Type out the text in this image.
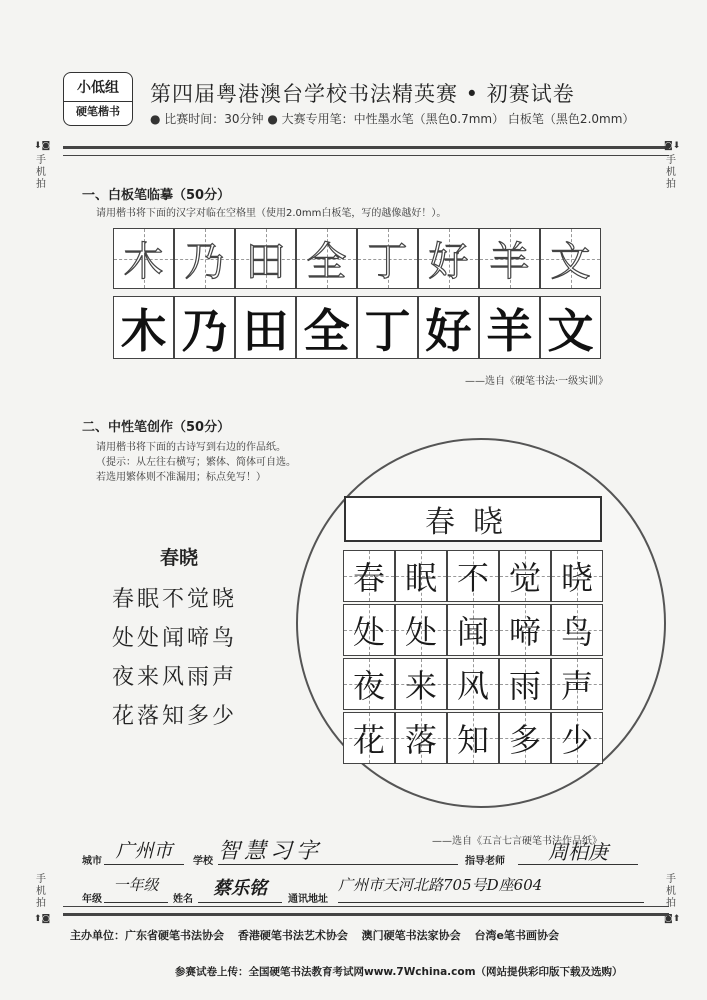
小低组
硬笔楷书
第四届粤港澳台学校书法精英赛 • 初赛试卷
● 比赛时间：30分钟 ● 大赛专用笔：中性墨水笔（黑色0.7mm） 白板笔（黑色2.0mm）
⬇◙
手机拍
◙⬇
手机拍
手机拍
⬆◙
手机拍
◙⬆
一、白板笔临摹（50分）
请用楷书将下面的汉字对临在空格里（使用2.0mm白板笔，写的越像越好！）。
木 乃 田 全 丁 好 羊 文
木 乃 田 全 丁 好 羊 文
——选自《硬笔书法·一级实训》
二、中性笔创作（50分）
请用楷书将下面的古诗写到右边的作品纸。
（提示：从左往右横写；繁体、简体可自选。
若选用繁体则不准漏用；标点免写！）
春晓
春眠不觉晓
处处闻啼鸟
夜来风雨声
花落知多少
春晓
春 眠 不 觉 晓
处 处 闻 啼 鸟
夜 来 风 雨 声
花 落 知 多 少
——选自《五言七言硬笔书法作品纸》
城市 广州市	学校 智慧习字	指导老师	周柏庚
年级
一年级
姓名
蔡乐铭
通讯地址
广州市天河北路705号D座604
主办单位：广东省硬笔书法协会 香港硬笔书法艺术协会 澳门硬笔书法家协会 台湾e笔书画协会
参赛试卷上传：全国硬笔书法教育考试网www.7Wchina.com（网站提供彩印版下载及选购）
